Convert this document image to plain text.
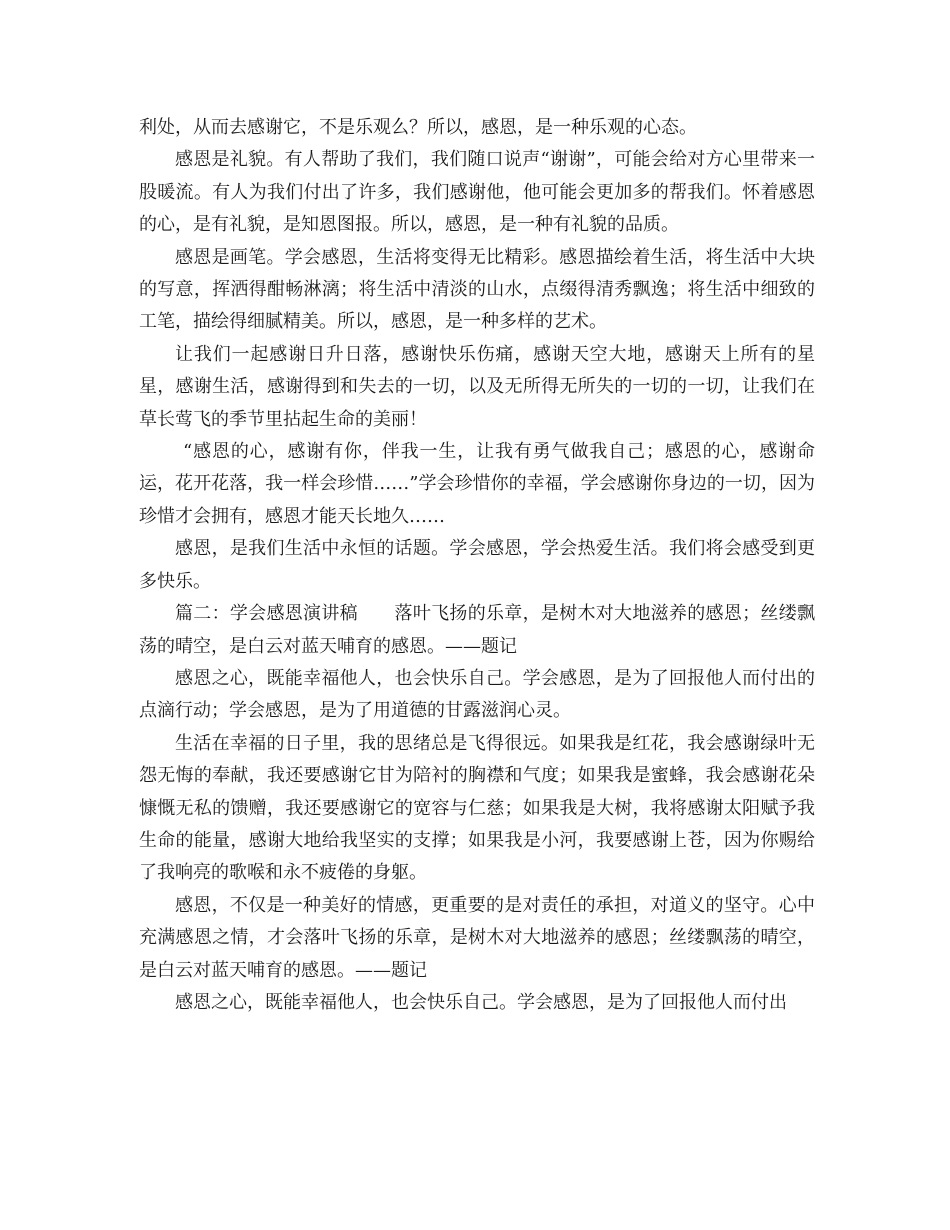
利处，从而去感谢它，不是乐观么？所以，感恩，是一种乐观的心态。

感恩是礼貌。有人帮助了我们，我们随口说声“谢谢”，可能会给对方心里带来一股暖流。有人为我们付出了许多，我们感谢他，他可能会更加多的帮我们。怀着感恩的心，是有礼貌，是知恩图报。所以，感恩，是一种有礼貌的品质。

感恩是画笔。学会感恩，生活将变得无比精彩。感恩描绘着生活，将生活中大块的写意，挥洒得酣畅淋漓；将生活中清淡的山水，点缀得清秀飘逸；将生活中细致的工笔，描绘得细腻精美。所以，感恩，是一种多样的艺术。

让我们一起感谢日升日落，感谢快乐伤痛，感谢天空大地，感谢天上所有的星星，感谢生活，感谢得到和失去的一切，以及无所得无所失的一切的一切，让我们在草长莺飞的季节里拈起生命的美丽！

“感恩的心，感谢有你，伴我一生，让我有勇气做我自己；感恩的心，感谢命运，花开花落，我一样会珍惜……”学会珍惜你的幸福，学会感谢你身边的一切，因为珍惜才会拥有，感恩才能天长地久……

感恩，是我们生活中永恒的话题。学会感恩，学会热爱生活。我们将会感受到更多快乐。

篇二：学会感恩演讲稿　　落叶飞扬的乐章，是树木对大地滋养的感恩；丝缕飘荡的晴空，是白云对蓝天哺育的感恩。——题记

感恩之心，既能幸福他人，也会快乐自己。学会感恩，是为了回报他人而付出的点滴行动；学会感恩，是为了用道德的甘露滋润心灵。

生活在幸福的日子里，我的思绪总是飞得很远。如果我是红花，我会感谢绿叶无怨无悔的奉献，我还要感谢它甘为陪衬的胸襟和气度；如果我是蜜蜂，我会感谢花朵慷慨无私的馈赠，我还要感谢它的宽容与仁慈；如果我是大树，我将感谢太阳赋予我生命的能量，感谢大地给我坚实的支撑；如果我是小河，我要感谢上苍，因为你赐给了我响亮的歌喉和永不疲倦的身躯。

感恩，不仅是一种美好的情感，更重要的是对责任的承担，对道义的坚守。心中充满感恩之情，才会落叶飞扬的乐章，是树木对大地滋养的感恩；丝缕飘荡的晴空，是白云对蓝天哺育的感恩。——题记

感恩之心，既能幸福他人，也会快乐自己。学会感恩，是为了回报他人而付出
